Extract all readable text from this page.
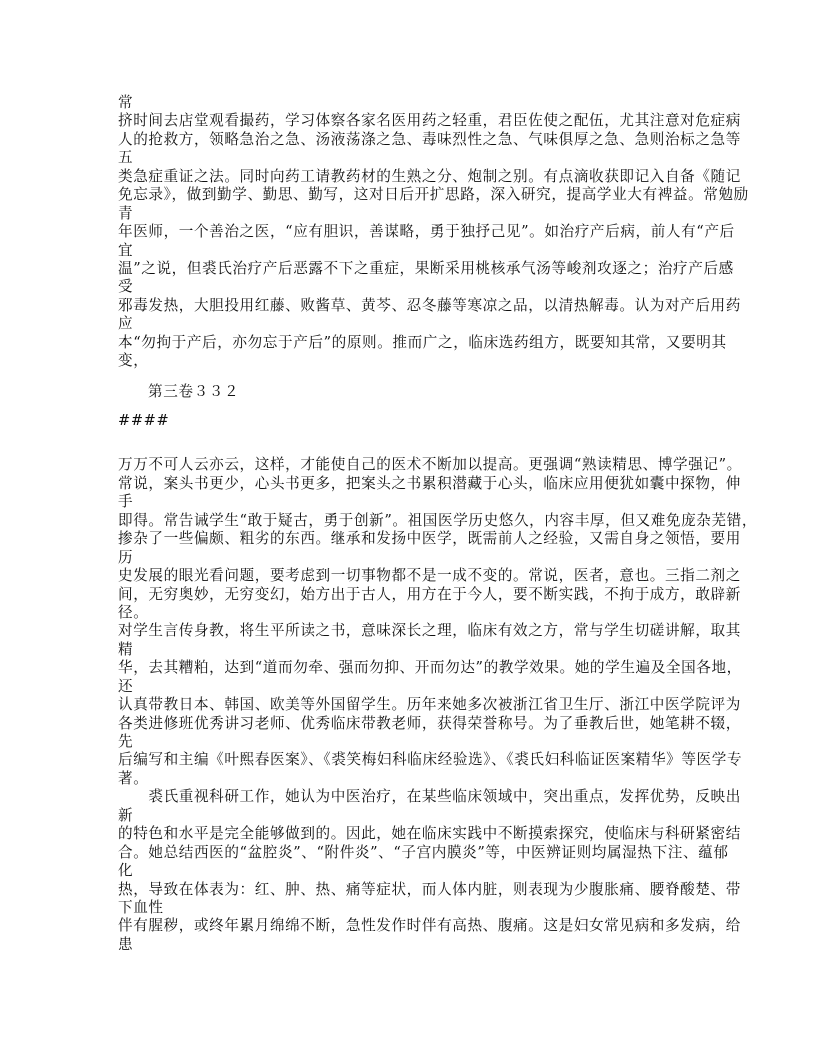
常
挤时间去店堂观看撮药，学习体察各家名医用药之轻重，君臣佐使之配伍，尤其注意对危症病
人的抢救方，领略急治之急、汤液荡涤之急、毒味烈性之急、气味俱厚之急、急则治标之急等
五
类急症重证之法。同时向药工请教药材的生熟之分、炮制之别。有点滴收获即记入自备《随记
免忘录》，做到勤学、勤思、勤写，这对日后开扩思路，深入研究，提高学业大有裨益。常勉励
青
年医师，一个善治之医，“应有胆识，善谋略，勇于独抒己见”。如治疗产后病，前人有“产后
宜
温”之说，但裘氏治疗产后恶露不下之重症，果断采用桃核承气汤等峻剂攻逐之；治疗产后感
受
邪毒发热，大胆投用红藤、败酱草、黄芩、忍冬藤等寒凉之品，以清热解毒。认为对产后用药
应
本“勿拘于产后，亦勿忘于产后”的原则。推而广之，临床选药组方，既要知其常，又要明其
变，
第三卷３３２
####
万万不可人云亦云，这样，才能使自己的医术不断加以提高。更强调“熟读精思、博学强记”。
常说，案头书更少，心头书更多，把案头之书累积潜藏于心头，临床应用便犹如囊中探物，伸
手
即得。常告诫学生“敢于疑古，勇于创新”。祖国医学历史悠久，内容丰厚，但又难免庞杂芜错，
掺杂了一些偏颇、粗劣的东西。继承和发扬中医学，既需前人之经验，又需自身之领悟，要用
历
史发展的眼光看问题，要考虑到一切事物都不是一成不变的。常说，医者，意也。三指二剂之
间，无穷奥妙，无穷变幻，始方出于古人，用方在于今人，要不断实践，不拘于成方，敢辟新
径。
对学生言传身教，将生平所读之书，意味深长之理，临床有效之方，常与学生切磋讲解，取其
精
华，去其糟粕，达到“道而勿牵、强而勿抑、开而勿达”的教学效果。她的学生遍及全国各地，
还
认真带教日本、韩国、欧美等外国留学生。历年来她多次被浙江省卫生厅、浙江中医学院评为
各类进修班优秀讲习老师、优秀临床带教老师，获得荣誉称号。为了垂教后世，她笔耕不辍，
先
后编写和主编《叶熙春医案》、《裘笑梅妇科临床经验选》、《裘氏妇科临证医案精华》等医学专
著。
　　裘氏重视科研工作，她认为中医治疗，在某些临床领域中，突出重点，发挥优势，反映出
新
的特色和水平是完全能够做到的。因此，她在临床实践中不断摸索探究，使临床与科研紧密结
合。她总结西医的“盆腔炎”、“附件炎”、“子宫内膜炎”等，中医辨证则均属湿热下注、蕴郁
化
热，导致在体表为：红、肿、热、痛等症状，而人体内脏，则表现为少腹胀痛、腰脊酸楚、带
下血性
伴有腥秽，或终年累月绵绵不断，急性发作时伴有高热、腹痛。这是妇女常见病和多发病，给
患
